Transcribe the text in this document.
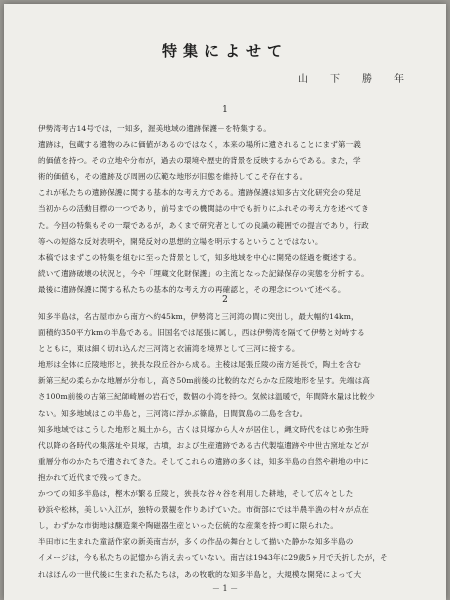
特集によせて
山　下　勝　年
1

伊勢湾考古14号では，一知多，渥美地域の遺跡保護－を特集する。

遺跡は，包蔵する遺物のみに価値があるのではなく，本来の場所に遺されることにまず第一義

的価値を持つ。その立地や分布が，過去の環境や歴史的背景を反映するからである。また，学

術的価値も，その遺跡及び周囲の広範な地形が旧態を維持してこそ存在する。

これが私たちの遺跡保護に関する基本的な考え方である。遺跡保護は知多古文化研究会の発足

当初からの活動目標の一つであり，前号までの機関誌の中でも折りにふれその考え方を述べてき

た。今回の特集もその一環であるが，あくまで研究者としての良識の範囲での提言であり，行政

等への短絡な反対表明や，開発反対の思想的立場を明示するということではない。

本稿ではまずこの特集を組むに至った背景として，知多地域を中心に開発の経過を概述する。

続いて遺跡破壊の状況と，今や「埋蔵文化財保護」の主流となった記録保存の実態を分析する。

最後に遺跡保護に関する私たちの基本的な考え方の再確認と，その理念について述べる。

2

知多半島は，名古屋市から南方へ約45km，伊勢湾と三河湾の間に突出し，最大幅約14km，

面積約350平方kmの半島である。旧国名では尾張に属し，西は伊勢湾を隔てて伊勢と対峙する

とともに，東は細く切れ込んだ三河湾と衣浦湾を境界として三河に接する。

地形は全体に丘陵地形と，狭長な段丘谷から成る。主稜は尾張丘陵の南方延長で，陶土を含む

新第三紀の柔らかな地層が分布し，高さ50m前後の比較的なだらかな丘陵地形を呈す。先端は高

さ100m前後の古第三紀師崎層の岩石で，数個の小湾を持つ。気候は温暖で，年間降水量は比較少

ない。知多地域はこの半島と，三河湾に浮かぶ篠島，日間賀島の二島を含む。

知多地域ではこうした地形と風土から，古くは貝塚から人々が居住し，縄文時代をはじめ弥生時

代以降の各時代の集落址や貝塚，古墳，および生産遺跡である古代製塩遺跡や中世古窯址などが

重層分布のかたちで遺されてきた。そしてこれらの遺跡の多くは，知多半島の自然や耕地の中に

抱かれて近代まで残ってきた。

かつての知多半島は，樫木が繁る丘陵と，狭長な谷々谷を利用した耕地，そして広々とした

砂浜や松林，美しい入江が，独特の景観を作りあげていた。市街部にでは半農半漁の村々が点在

し，わずかな市街地は醸造業や陶磁器生産といった伝統的な産業を持つ町に限られた。

半田市に生まれた童話作家の新美南吉が，多くの作品の舞台として描いた静かな知多半島の

イメージは，今も私たちの記憶から消え去っていない。南吉は1943年に29歳5ヶ月で夭折したが，そ

れはほんの一世代後に生まれた私たちは，あの牧歌的な知多半島と，大規模な開発によって大

－ 1 －
